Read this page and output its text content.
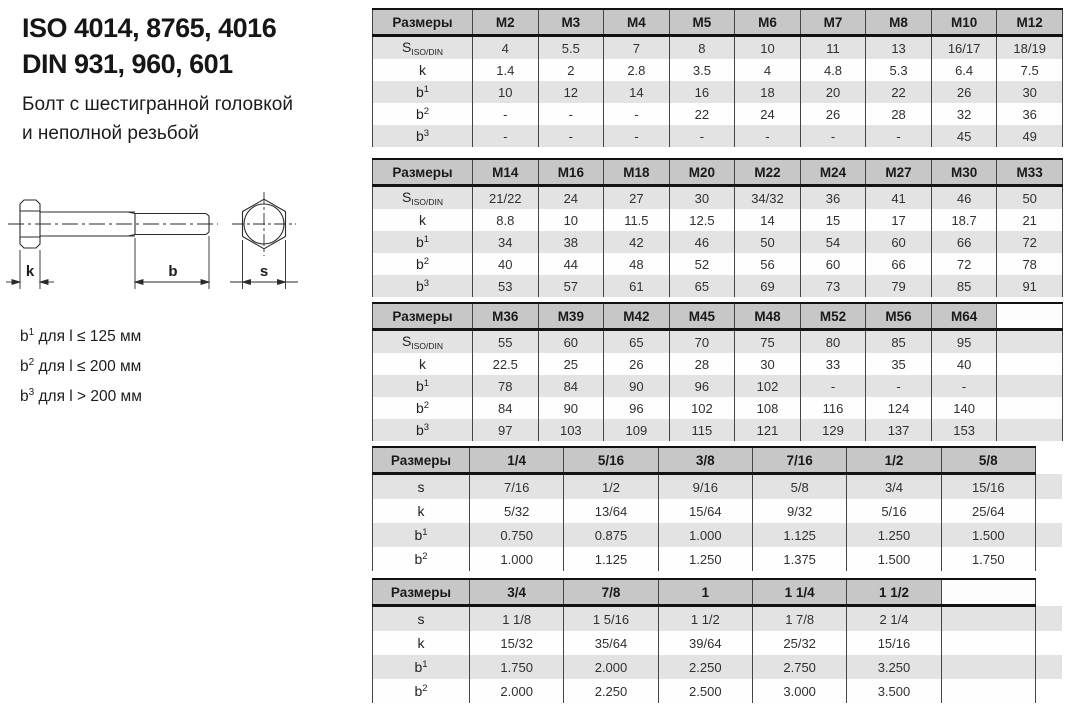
ISO 4014, 8765, 4016
DIN 931, 960, 601
Болт с шестигранной головкой
и неполной резьбой
k	b	s
$b^1$ для l ≤ 125 мм
$b^2$ для l ≤ 200 мм
$b^3$ для l > 200 мм
Размеры	M2	M3	M4	M5	M6	M7	M8	M10	M12
$S_{ISO/DIN}$	4	5.5	7	8	10	11	13	16/17	18/19
k	1.4	2	2.8	3.5	4	4.8	5.3	6.4	7.5
$b^1$	10	12	14	16	18	20	22	26	30
$b^2$	-	-	-	22	24	26	28	32	36
$b^3$	-	-	-	-	-	-	-	45	49
Размеры	M14	M16	M18	M20	M22	M24	M27	M30	M33
$S_{ISO/DIN}$	21/22	24	27	30	34/32	36	41	46	50
k	8.8	10	11.5	12.5	14	15	17	18.7	21
$b^1$	34	38	42	46	50	54	60	66	72
$b^2$	40	44	48	52	56	60	66	72	78
$b^3$	53	57	61	65	69	73	79	85	91
Размеры	M36	M39	M42	M45	M48	M52	M56	M64	
$S_{ISO/DIN}$	55	60	65	70	75	80	85	95	
k	22.5	25	26	28	30	33	35	40	
$b^1$	78	84	90	96	102	-	-	-	
$b^2$	84	90	96	102	108	116	124	140	
$b^3$	97	103	109	115	121	129	137	153	
Размеры	1/4	5/16	3/8	7/16	1/2	5/8	
s	7/16	1/2	9/16	5/8	3/4	15/16	
k	5/32	13/64	15/64	9/32	5/16	25/64	
$b^1$	0.750	0.875	1.000	1.125	1.250	1.500	
$b^2$	1.000	1.125	1.250	1.375	1.500	1.750	
Размеры	3/4	7/8	1	1 1/4	1 1/2		
s	1 1/8	1 5/16	1 1/2	1 7/8	2 1/4		
k	15/32	35/64	39/64	25/32	15/16		
$b^1$	1.750	2.000	2.250	2.750	3.250		
$b^2$	2.000	2.250	2.500	3.000	3.500		
